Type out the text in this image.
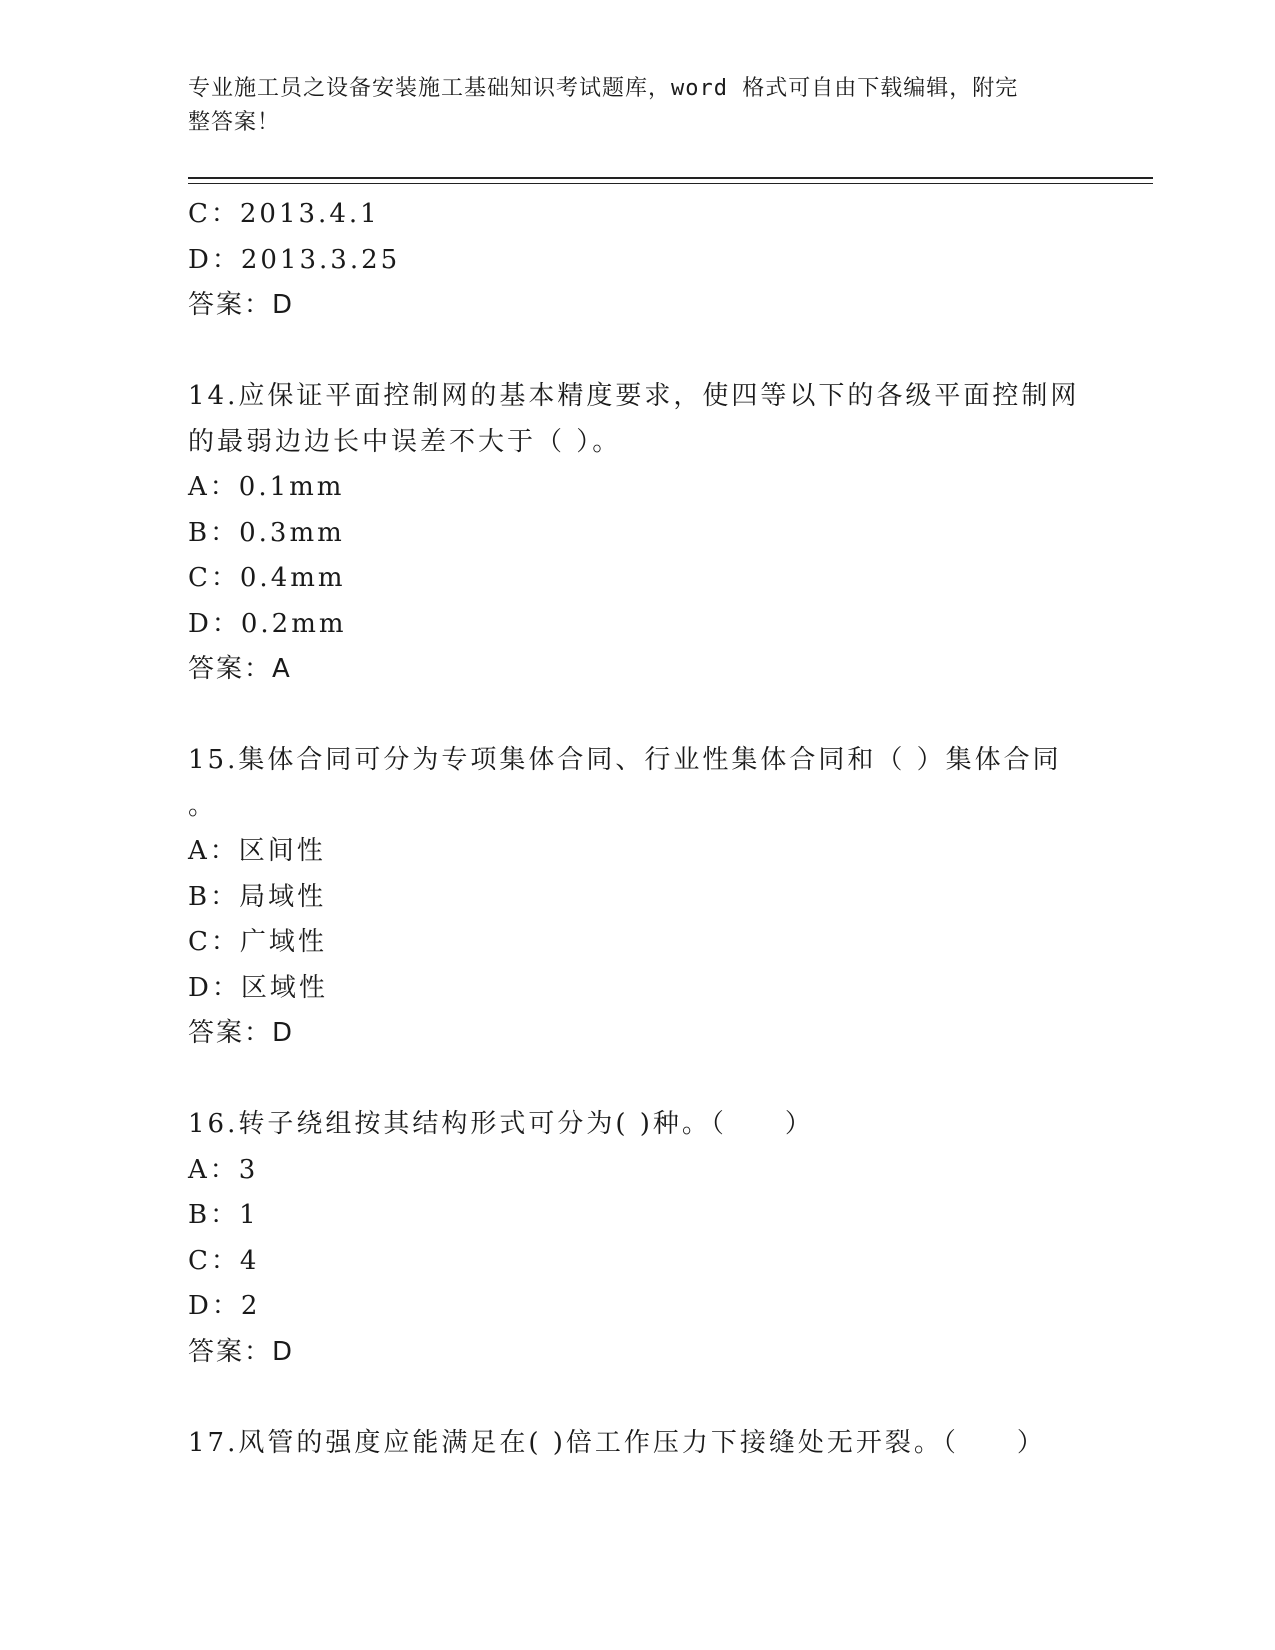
专业施工员之设备安装施工基础知识考试题库，word 格式可自由下载编辑，附完
整答案！
C：2013.4.1
D：2013.3.25
答案：D
14.应保证平面控制网的基本精度要求，使四等以下的各级平面控制网
的最弱边边长中误差不大于（ ）。
A：0.1mm
B：0.3mm
C：0.4mm
D：0.2mm
答案：A
15.集体合同可分为专项集体合同、行业性集体合同和（ ）集体合同
。
A：区间性
B：局域性
C：广域性
D：区域性
答案：D
16.转子绕组按其结构形式可分为( )种。（　　）
A：3
B：1
C：4
D：2
答案：D
17.风管的强度应能满足在( )倍工作压力下接缝处无开裂。（　　）
